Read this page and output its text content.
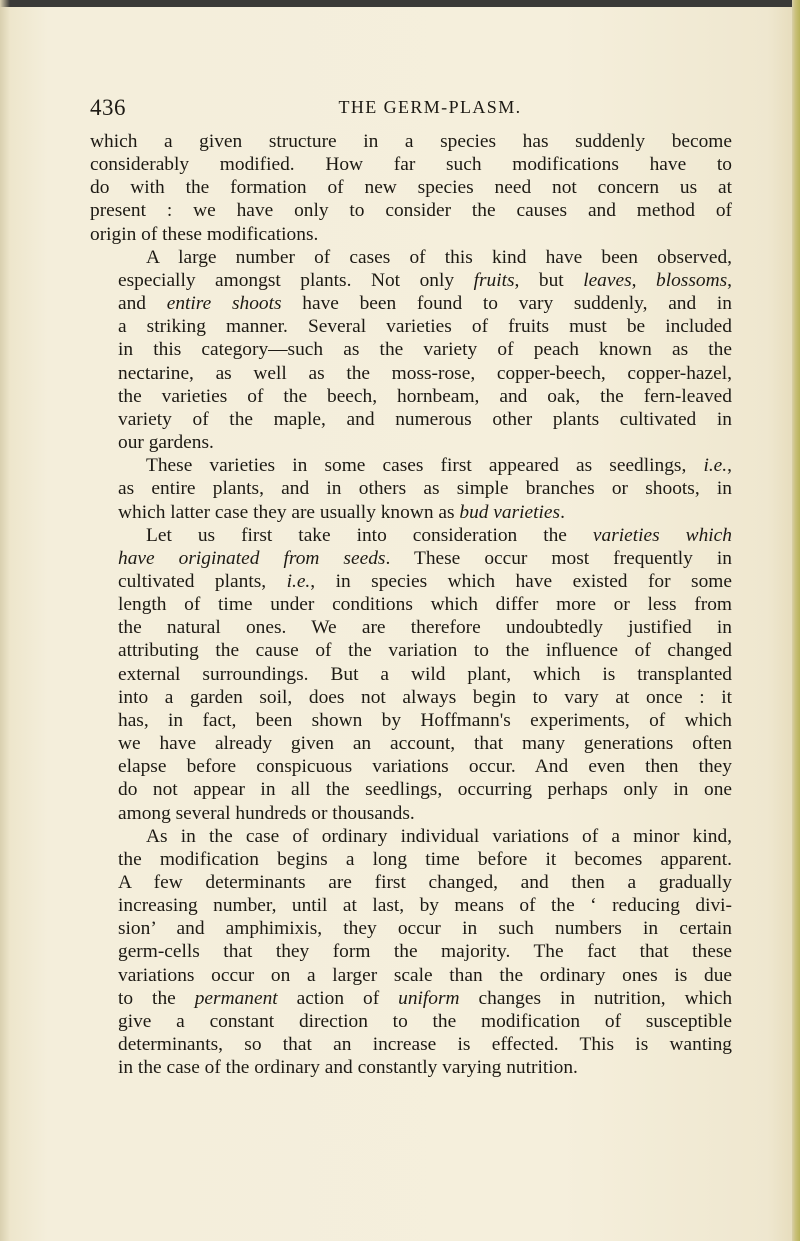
436	THE GERM-PLASM.

which a given structure in a species has suddenly become
considerably modified. How far such modifications have to
do with the formation of new species need not concern us at
present : we have only to consider the causes and method of
origin of these modifications.

A large number of cases of this kind have been observed,
especially amongst plants. Not only fruits, but leaves, blossoms,
and entire shoots have been found to vary suddenly, and in
a striking manner. Several varieties of fruits must be included
in this category—such as the variety of peach known as the
nectarine, as well as the moss-rose, copper-beech, copper-hazel,
the varieties of the beech, hornbeam, and oak, the fern-leaved
variety of the maple, and numerous other plants cultivated in
our gardens.

These varieties in some cases first appeared as seedlings, i.e.,
as entire plants, and in others as simple branches or shoots, in
which latter case they are usually known as bud varieties.

Let us first take into consideration the varieties which
have originated from seeds. These occur most frequently in
cultivated plants, i.e., in species which have existed for some
length of time under conditions which differ more or less from
the natural ones. We are therefore undoubtedly justified in
attributing the cause of the variation to the influence of changed
external surroundings. But a wild plant, which is transplanted
into a garden soil, does not always begin to vary at once : it
has, in fact, been shown by Hoffmann's experiments, of which
we have already given an account, that many generations often
elapse before conspicuous variations occur. And even then they
do not appear in all the seedlings, occurring perhaps only in one
among several hundreds or thousands.

As in the case of ordinary individual variations of a minor kind,
the modification begins a long time before it becomes apparent.
A few determinants are first changed, and then a gradually
increasing number, until at last, by means of the ‘ reducing divi-
sion’ and amphimixis, they occur in such numbers in certain
germ-cells that they form the majority. The fact that these
variations occur on a larger scale than the ordinary ones is due
to the permanent action of uniform changes in nutrition, which
give a constant direction to the modification of susceptible
determinants, so that an increase is effected. This is wanting
in the case of the ordinary and constantly varying nutrition.
